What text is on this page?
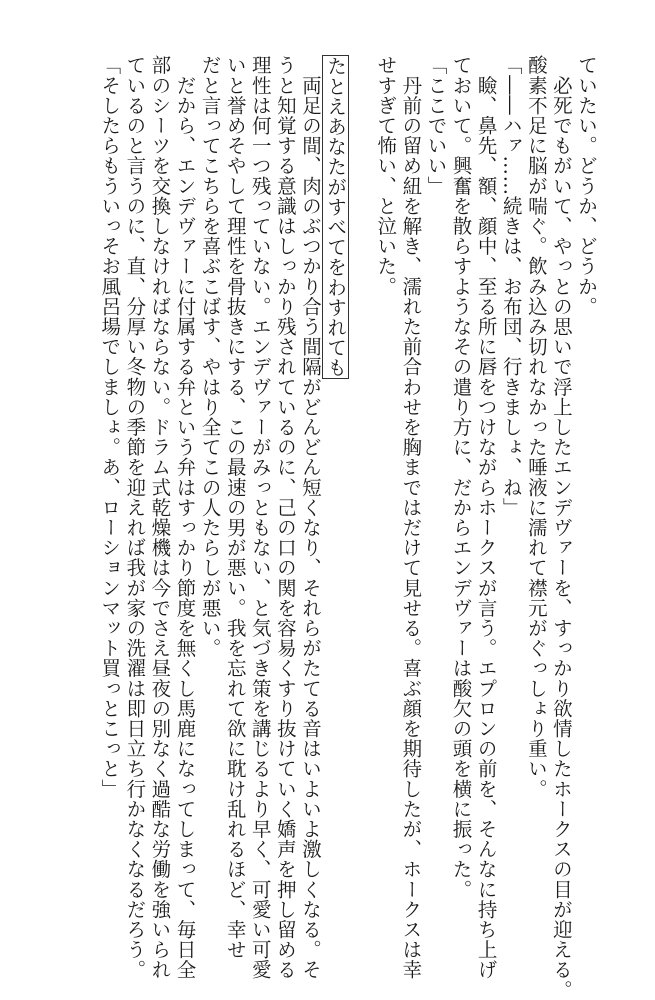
ていたい。どうか、どうか。
　必死でもがいて、やっとの思いで浮上したエンデヴァーを、すっかり欲情したホークスの目が迎える。
酸素不足に脳が喘ぐ。飲み込み切れなかった唾液に濡れて襟元がぐっしょり重い。
「――ハァ……続きは、お布団、行きましょ、ね」
　瞼、鼻先、額、顔中、至る所に唇をつけながらホークスが言う。エプロンの前を、そんなに持ち上げ
ておいて。興奮を散らすようなその遣り方に、だからエンデヴァーは酸欠の頭を横に振った。
「ここでいい」
　丹前の留め紐を解き、濡れた前合わせを胸まではだけて見せる。喜ぶ顔を期待したが、ホークスは幸
せすぎて怖い、と泣いた。
たとえあなたがすべてをわすれても
　両足の間、肉のぶつかり合う間隔がどんどん短くなり、それらがたてる音はいよいよ激しくなる。そ
うと知覚する意識はしっかり残されているのに、己の口の関を容易くすり抜けていく嬌声を押し留める
理性は何一つ残っていない。エンデヴァーがみっともない、と気づき策を講じるより早く、可愛い可愛
いと誉めそやして理性を骨抜きにする、この最速の男が悪い。我を忘れて欲に耽け乱れるほど、幸せ
だと言ってこちらを喜ぶこばす、やはり全てこの人たらしが悪い。
　だから、エンデヴァーに付属する弁という弁はすっかり節度を無くし馬鹿になってしまって、毎日全
部のシーツを交換しなければならない。ドラム式乾燥機は今でさえ昼夜の別なく過酷な労働を強いられ
ているのと言うのに、直、分厚い冬物の季節を迎えれば我が家の洗濯は即日立ち行かなくなるだろう。
「そしたらもういっそお風呂場でしましょ。あ、ローションマット買っとこっと」
